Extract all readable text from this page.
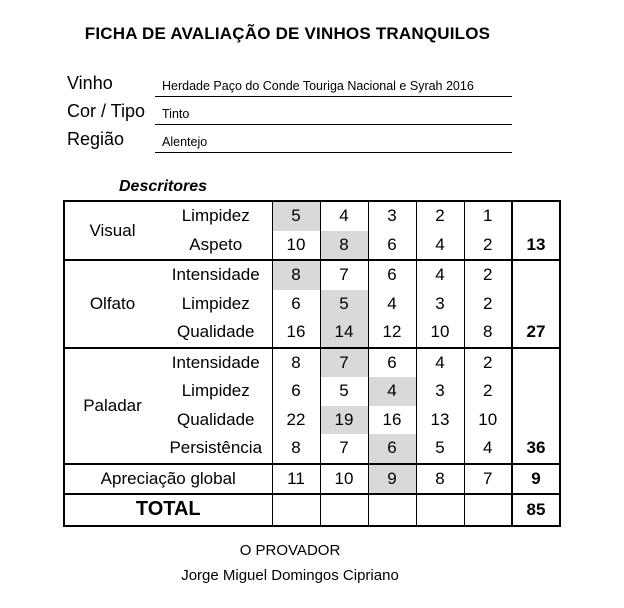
FICHA DE AVALIAÇÃO DE VINHOS TRANQUILOS
Vinho	Herdade Paço do Conde Touriga Nacional e Syrah 2016
Cor / Tipo Tinto
Região	Alentejo
Descritores
Visual	Limpidez	5	4	3	2	1	
	Aspeto	10	8	6	4	2	13
Olfato	Intensidade	8	7	6	4	2	
	Limpidez	6	5	4	3	2	
	Qualidade	16	14	12	10	8	27
Paladar	Intensidade	8	7	6	4	2	
	Limpidez	6	5	4	3	2	
	Qualidade	22	19	16	13	10	
	Persistência	8	7	6	5	4	36
Apreciação global		11	10	9	8	7	9
TOTAL							85
O PROVADOR
Jorge Miguel Domingos Cipriano
